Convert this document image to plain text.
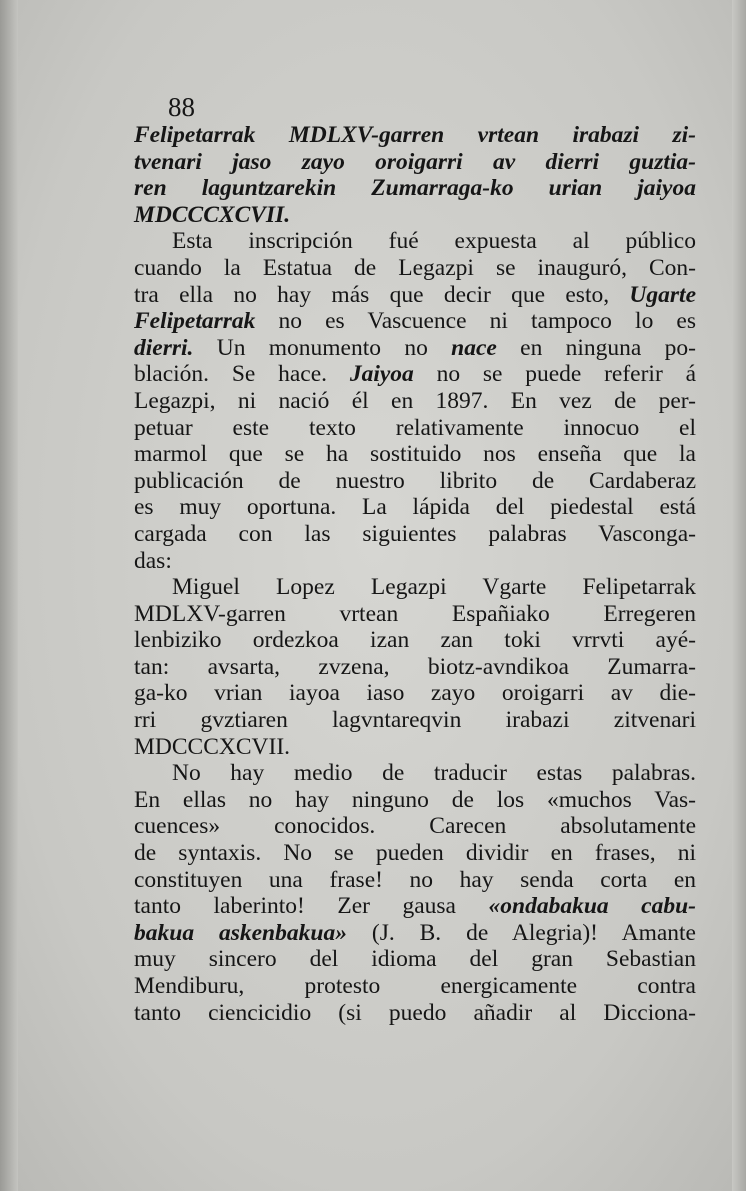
88
Felipetarrak MDLXV-garren vrtean irabazi zi-
tvenari jaso zayo oroigarri av dierri guztia-
ren laguntzarekin Zumarraga-ko urian jaiyoa
MDCCCXCVII.
Esta inscripción fué expuesta al público
cuando la Estatua de Legazpi se inauguró, Con-
tra ella no hay más que decir que esto, Ugarte
Felipetarrak no es Vascuence ni tampoco lo es
dierri. Un monumento no nace en ninguna po-
blación. Se hace. Jaiyoa no se puede referir á
Legazpi, ni nació él en 1897. En vez de per-
petuar este texto relativamente innocuo el
marmol que se ha sostituido nos enseña que la
publicación de nuestro librito de Cardaberaz
es muy oportuna. La lápida del piedestal está
cargada con las siguientes palabras Vasconga-
das:
Miguel Lopez Legazpi Vgarte Felipetarrak
MDLXV-garren vrtean Españiako Erregeren
lenbiziko ordezkoa izan zan toki vrrvti ayé-
tan: avsarta, zvzena, biotz-avndikoa Zumarra-
ga-ko vrian iayoa iaso zayo oroigarri av die-
rri gvztiaren lagvntareqvin irabazi zitvenari
MDCCCXCVII.
No hay medio de traducir estas palabras.
En ellas no hay ninguno de los «muchos Vas-
cuences» conocidos. Carecen absolutamente
de syntaxis. No se pueden dividir en frases, ni
constituyen una frase! no hay senda corta en
tanto laberinto! Zer gausa «ondabakua cabu-
bakua askenbakua» (J. B. de Alegria)! Amante
muy sincero del idioma del gran Sebastian
Mendiburu, protesto energicamente contra
tanto ciencicidio (si puedo añadir al Dicciona-
